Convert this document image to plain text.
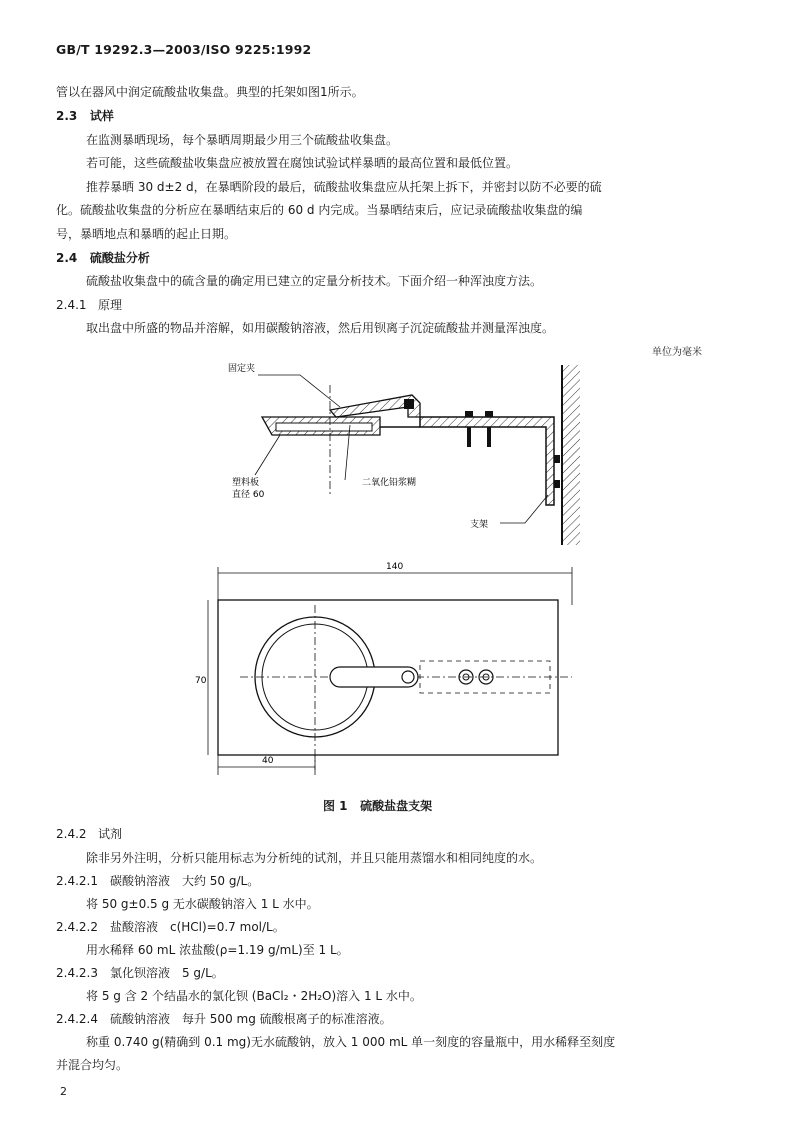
GB/T 19292.3—2003/ISO 9225:1992
管以在器风中润定硫酸盐收集盘。典型的托架如图1所示。
2.3 试样
在监测暴晒现场，每个暴晒周期最少用三个硫酸盐收集盘。
若可能，这些硫酸盐收集盘应被放置在腐蚀试验试样暴晒的最高位置和最低位置。
推荐暴晒 30 d±2 d，在暴晒阶段的最后，硫酸盐收集盘应从托架上拆下，并密封以防不必要的硫
化。硫酸盐收集盘的分析应在暴晒结束后的 60 d 内完成。当暴晒结束后，应记录硫酸盐收集盘的编
号，暴晒地点和暴晒的起止日期。
2.4 硫酸盐分析
硫酸盐收集盘中的硫含量的确定用已建立的定量分析技术。下面介绍一种浑浊度方法。
2.4.1 原理
取出盘中所盛的物品并溶解，如用碳酸钠溶液，然后用钡离子沉淀硫酸盐并测量浑浊度。
单位为毫米
固定夹
塑料板
直径 60
二氧化铅浆糊
支架
140
70
40
图 1 硫酸盐盘支架
2.4.2 试剂
除非另外注明，分析只能用标志为分析纯的试剂，并且只能用蒸馏水和相同纯度的水。
2.4.2.1　碳酸钠溶液　大约 50 g/L。
将 50 g±0.5 g 无水碳酸钠溶入 1 L 水中。
2.4.2.2　盐酸溶液　c(HCl)=0.7 mol/L。
用水稀释 60 mL 浓盐酸(ρ=1.19 g/mL)至 1 L。
2.4.2.3　氯化钡溶液　5 g/L。
将 5 g 含 2 个结晶水的氯化钡 (BaCl₂・2H₂O)溶入 1 L 水中。
2.4.2.4　硫酸钠溶液　每升 500 mg 硫酸根离子的标准溶液。
称重 0.740 g(精确到 0.1 mg)无水硫酸钠，放入 1 000 mL 单一刻度的容量瓶中，用水稀释至刻度
并混合均匀。
2
